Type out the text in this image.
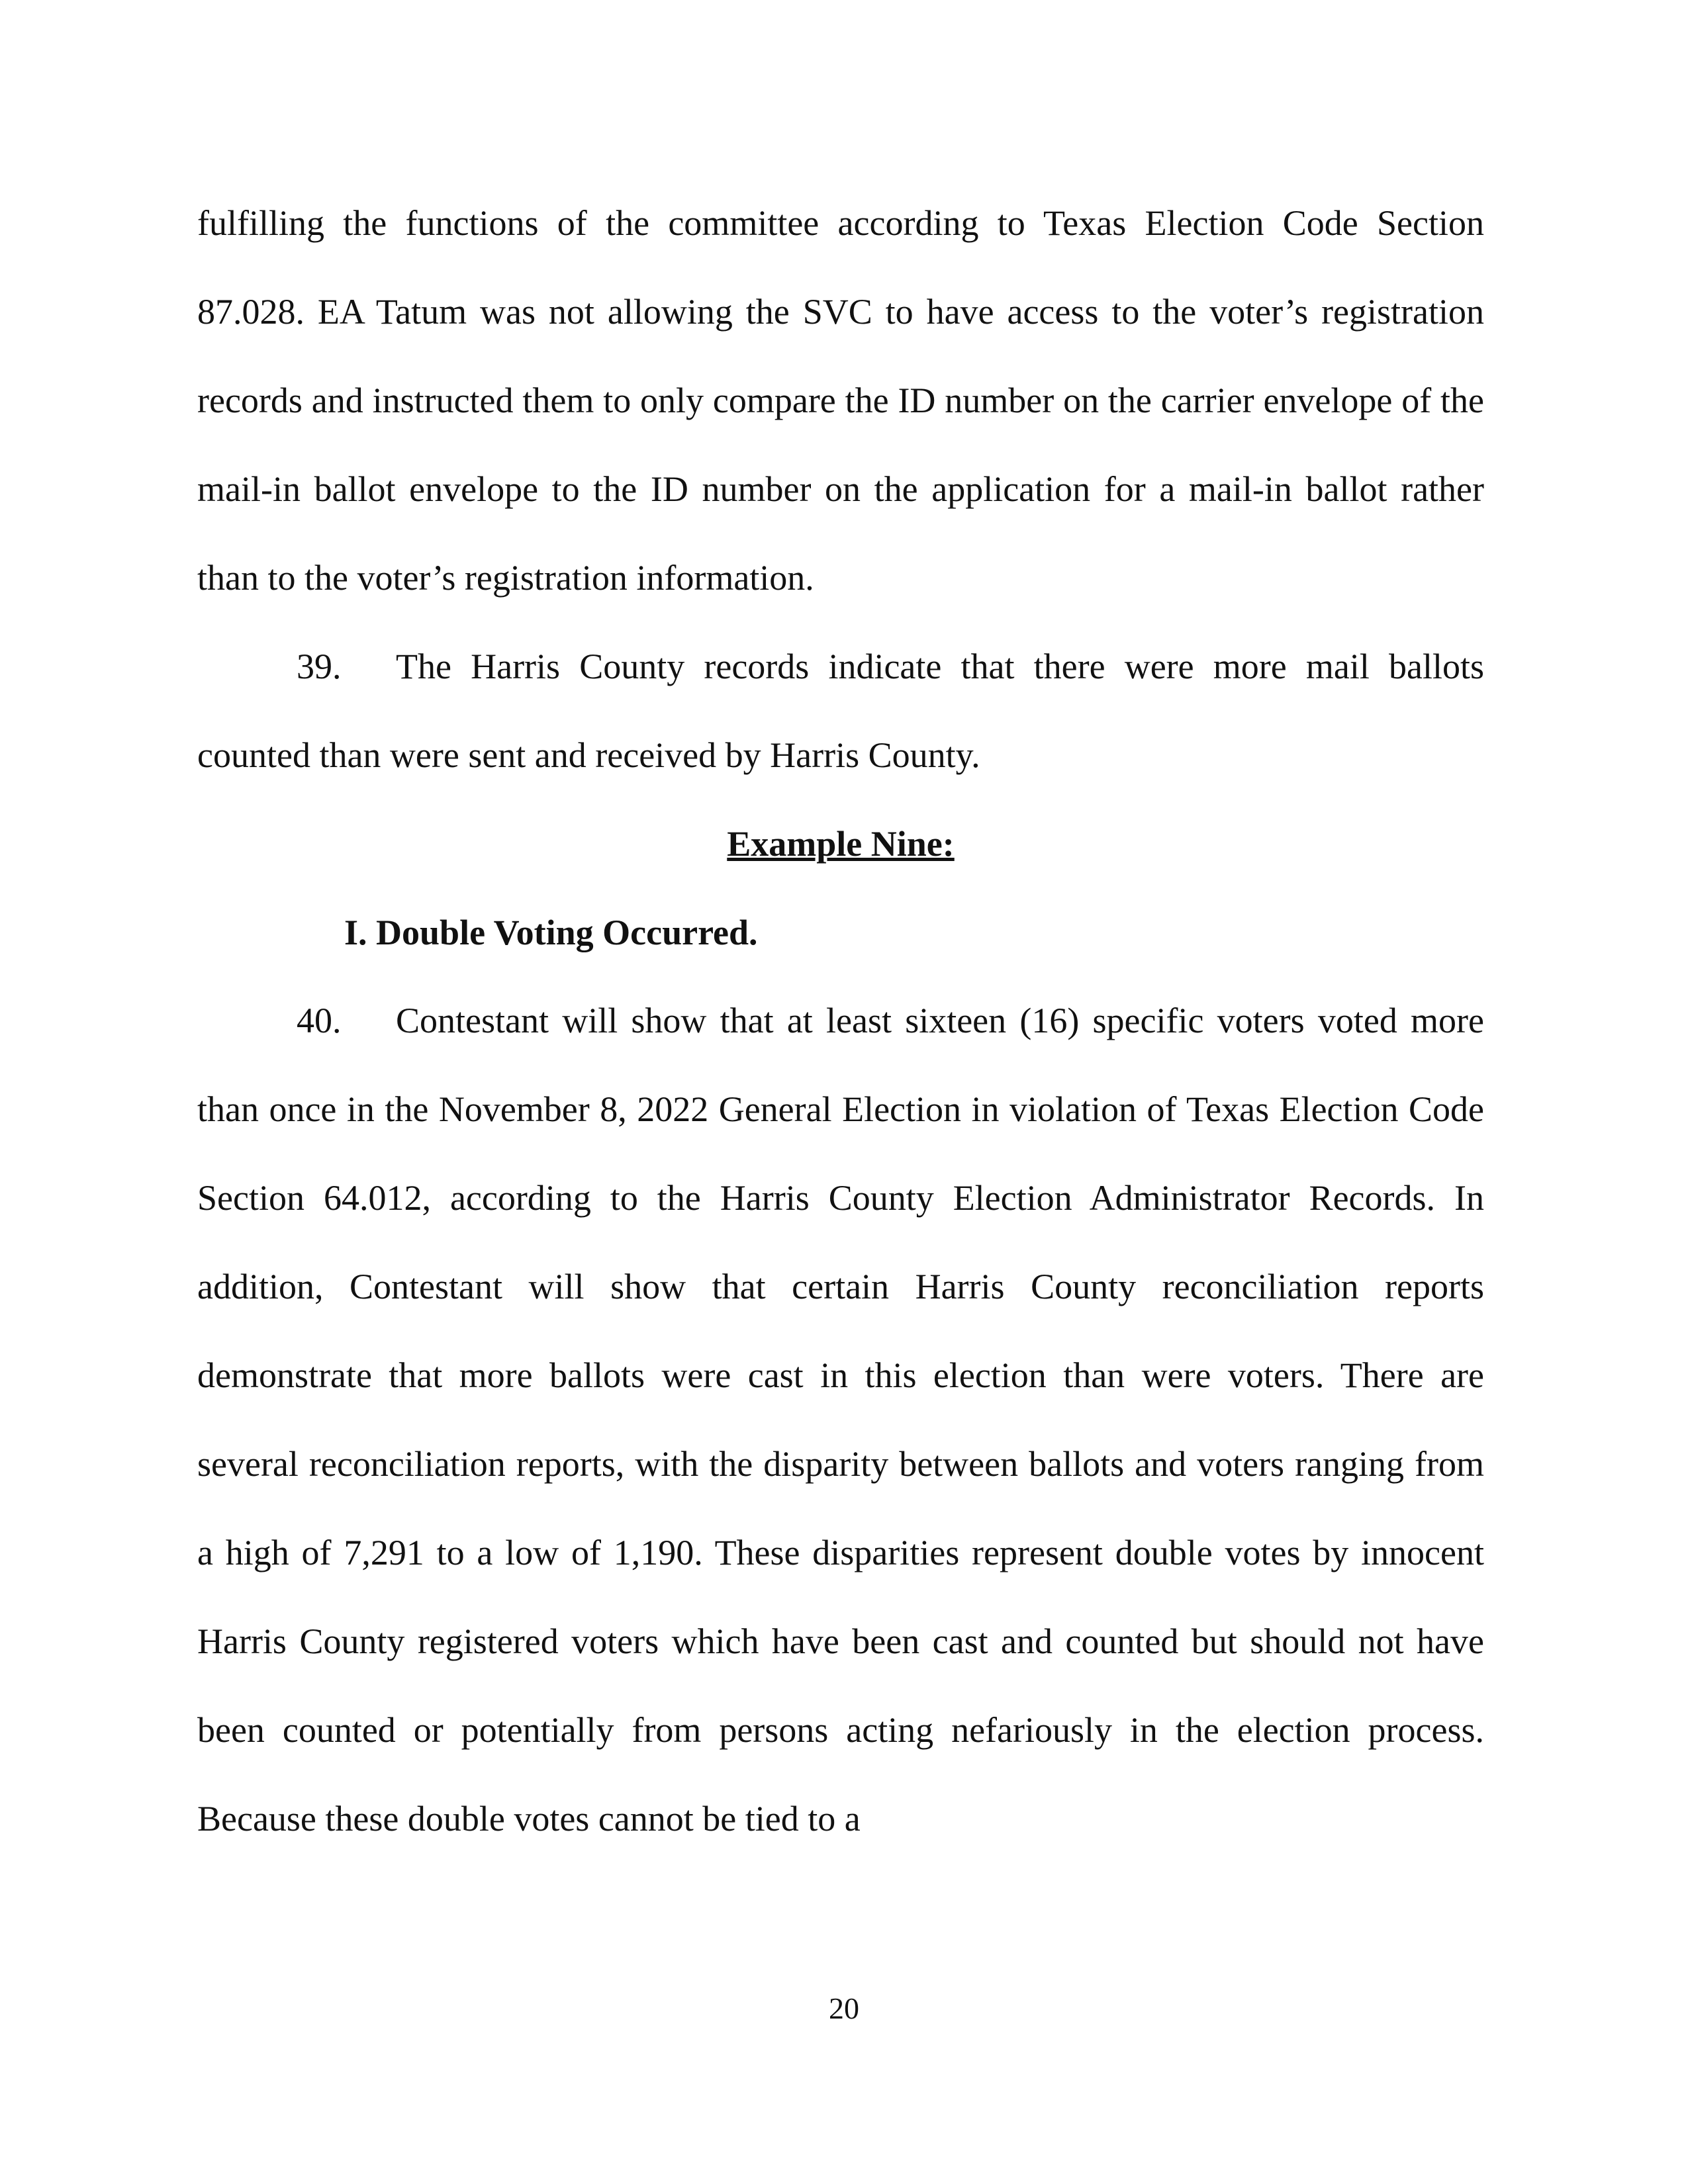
fulfilling the functions of the committee according to Texas Election Code Section 87.028. EA Tatum was not allowing the SVC to have access to the voter’s registration records and instructed them to only compare the ID number on the carrier envelope of the mail-in ballot envelope to the ID number on the application for a mail-in ballot rather than to the voter’s registration information.

39. The Harris County records indicate that there were more mail ballots counted than were sent and received by Harris County.

Example Nine:

I. Double Voting Occurred.

40. Contestant will show that at least sixteen (16) specific voters voted more than once in the November 8, 2022 General Election in violation of Texas Election Code Section 64.012, according to the Harris County Election Administrator Records. In addition, Contestant will show that certain Harris County reconciliation reports demonstrate that more ballots were cast in this election than were voters. There are several reconciliation reports, with the disparity between ballots and voters ranging from a high of 7,291 to a low of 1,190. These disparities represent double votes by innocent Harris County registered voters which have been cast and counted but should not have been counted or potentially from persons acting nefariously in the election process. Because these double votes cannot be tied to a

20
